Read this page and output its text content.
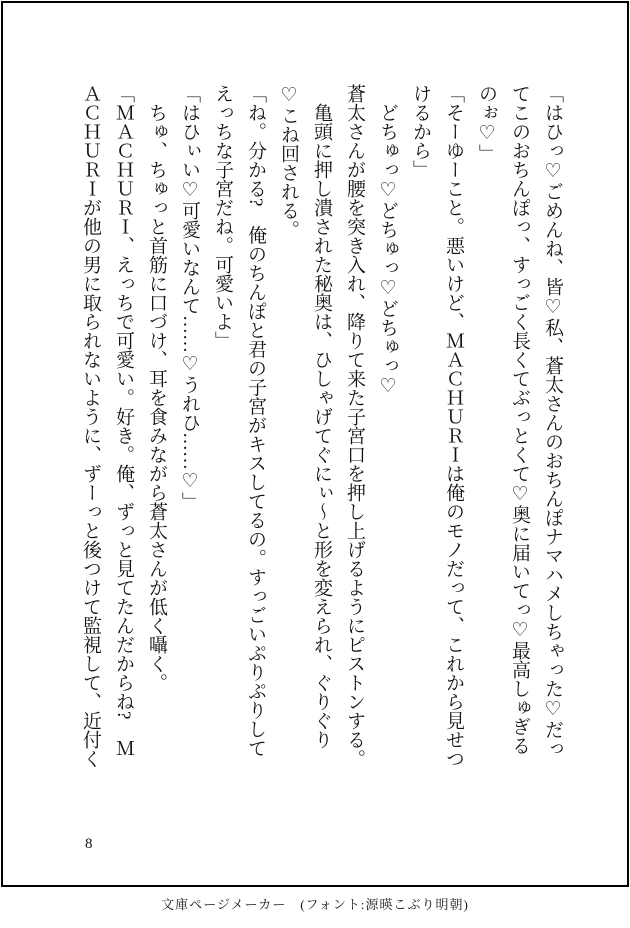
「はひっ♡ごめんね、皆♡私、蒼太さんのおちんぽナマハメしちゃった♡だってこのおちんぽっ、すっごく長くてぶっとくて♡奥に届いてっ♡最高しゅぎるのぉ♡」

「そーゆーこと。悪いけど、ＭＡＣＨＵＲＩは俺のモノだって、これから見せつけるから」

　どちゅっ♡どちゅっ♡どちゅっ♡

蒼太さんが腰を突き入れ、降りて来た子宮口を押し上げるようにピストンする。

　亀頭に押し潰された秘奥は、ひしゃげてぐにぃ〜と形を変えられ、ぐりぐり

♡こね回される。

「ね。分かる?　俺のちんぽと君の子宮がキスしてるの。すっごいぷりぷりしてえっちな子宮だね。可愛いよ」

「はひぃい♡可愛いなんて……♡うれひ……♡」

　ちゅ、ちゅっと首筋に口づけ、耳を食みながら蒼太さんが低く囁く。

「ＭＡＣＨＵＲＩ、えっちで可愛い。好き。俺、ずっと見てたんだからね?　ＭＡＣＨＵＲＩが他の男に取られないように、ずーっと後つけて監視して、近付く

8
文庫ページメーカー　(フォント:源暎こぶり明朝)
